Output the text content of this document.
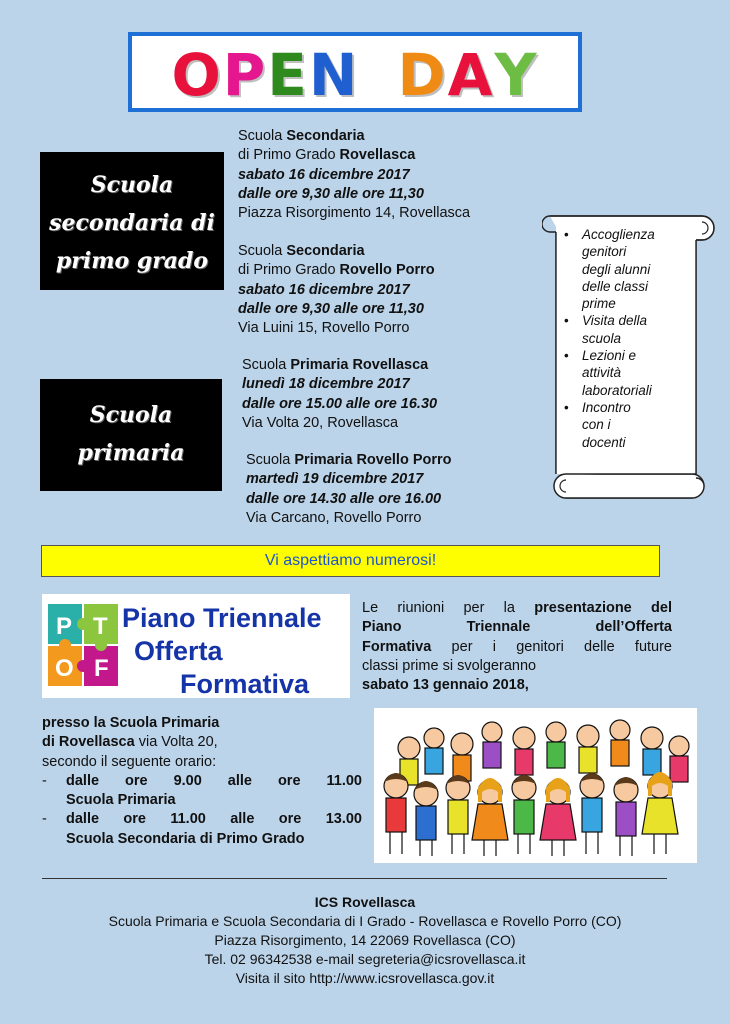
OPEN DAY
Scuola
secondaria di
primo grado
Scuola
primaria
Scuola Secondaria
di Primo Grado Rovellasca
sabato 16 dicembre 2017
dalle ore 9,30 alle ore 11,30
Piazza Risorgimento 14, Rovellasca
Scuola Secondaria
di Primo Grado Rovello Porro
sabato 16 dicembre 2017
dalle ore 9,30 alle ore 11,30
Via Luini 15, Rovello Porro
Scuola Primaria Rovellasca
lunedì 18 dicembre 2017
dalle ore 15.00 alle ore 16.30
Via Volta 20, Rovellasca
Scuola Primaria Rovello Porro
martedì 19 dicembre 2017
dalle ore 14.30 alle ore 16.00
Via Carcano, Rovello Porro
• Accoglienza
genitori
degli alunni
delle classi
prime
• Visita della
scuola
• Lezioni e
attività
laboratoriali
• Incontro
con i
docenti
Vi aspettiamo numerosi!
P T
O F
Piano Triennale
Offerta
Formativa
Le riunioni per la presentazione del
Piano Triennale dell’Offerta
Formativa per i genitori delle future
classi prime si svolgeranno
sabato 13 gennaio 2018,
presso la Scuola Primaria
di Rovellasca via Volta 20,
secondo il seguente orario:
-	dalle ore 9.00 alle ore 11.00
Scuola Primaria
-	dalle ore 11.00 alle ore 13.00
Scuola Secondaria di Primo Grado
ICS Rovellasca
Scuola Primaria e Scuola Secondaria di I Grado - Rovellasca e Rovello Porro (CO)
Piazza Risorgimento, 14 22069 Rovellasca (CO)
Tel. 02 96342538 e-mail segreteria@icsrovellasca.it
Visita il sito http://www.icsrovellasca.gov.it
